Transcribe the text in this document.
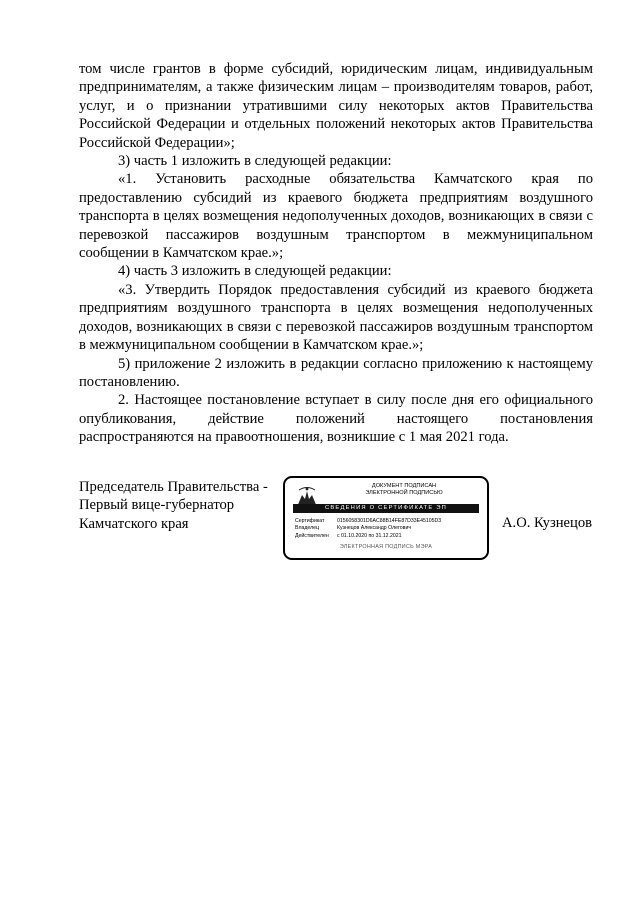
том числе грантов в форме субсидий, юридическим лицам, индивидуальным предпринимателям, а также физическим лицам – производителям товаров, работ, услуг, и о признании утратившими силу некоторых актов Правительства Российской Федерации и отдельных положений некоторых актов Правительства Российской Федерации»;

3) часть 1 изложить в следующей редакции:

«1. Установить расходные обязательства Камчатского края по предоставлению субсидий из краевого бюджета предприятиям воздушного транспорта в целях возмещения недополученных доходов, возникающих в связи с перевозкой пассажиров воздушным транспортом в межмуниципальном сообщении в Камчатском крае.»;

4) часть 3 изложить в следующей редакции:

«3. Утвердить Порядок предоставления субсидий из краевого бюджета предприятиям воздушного транспорта в целях возмещения недополученных доходов, возникающих в связи с перевозкой пассажиров воздушным транспортом в межмуниципальном сообщении в Камчатском крае.»;

5) приложение 2 изложить в редакции согласно приложению к настоящему постановлению.

2. Настоящее постановление вступает в силу после дня его официального опубликования, действие положений настоящего постановления распространяются на правоотношения, возникшие с 1 мая 2021 года.

Председатель Правительства -
Первый вице-губернатор
Камчатского края
ДОКУМЕНТ ПОДПИСАН
ЭЛЕКТРОННОЙ ПОДПИСЬЮ
СВЕДЕНИЯ О СЕРТИФИКАТЕ ЭП
Сертификат	0156058301D6AC88B14FE87D33E45105D3
Владелец	Кузнецов Александр Олегович
Действителен	с 01.10.2020 по 31.12.2021
ЭЛЕКТРОННАЯ ПОДПИСЬ МЭРА
А.О. Кузнецов
